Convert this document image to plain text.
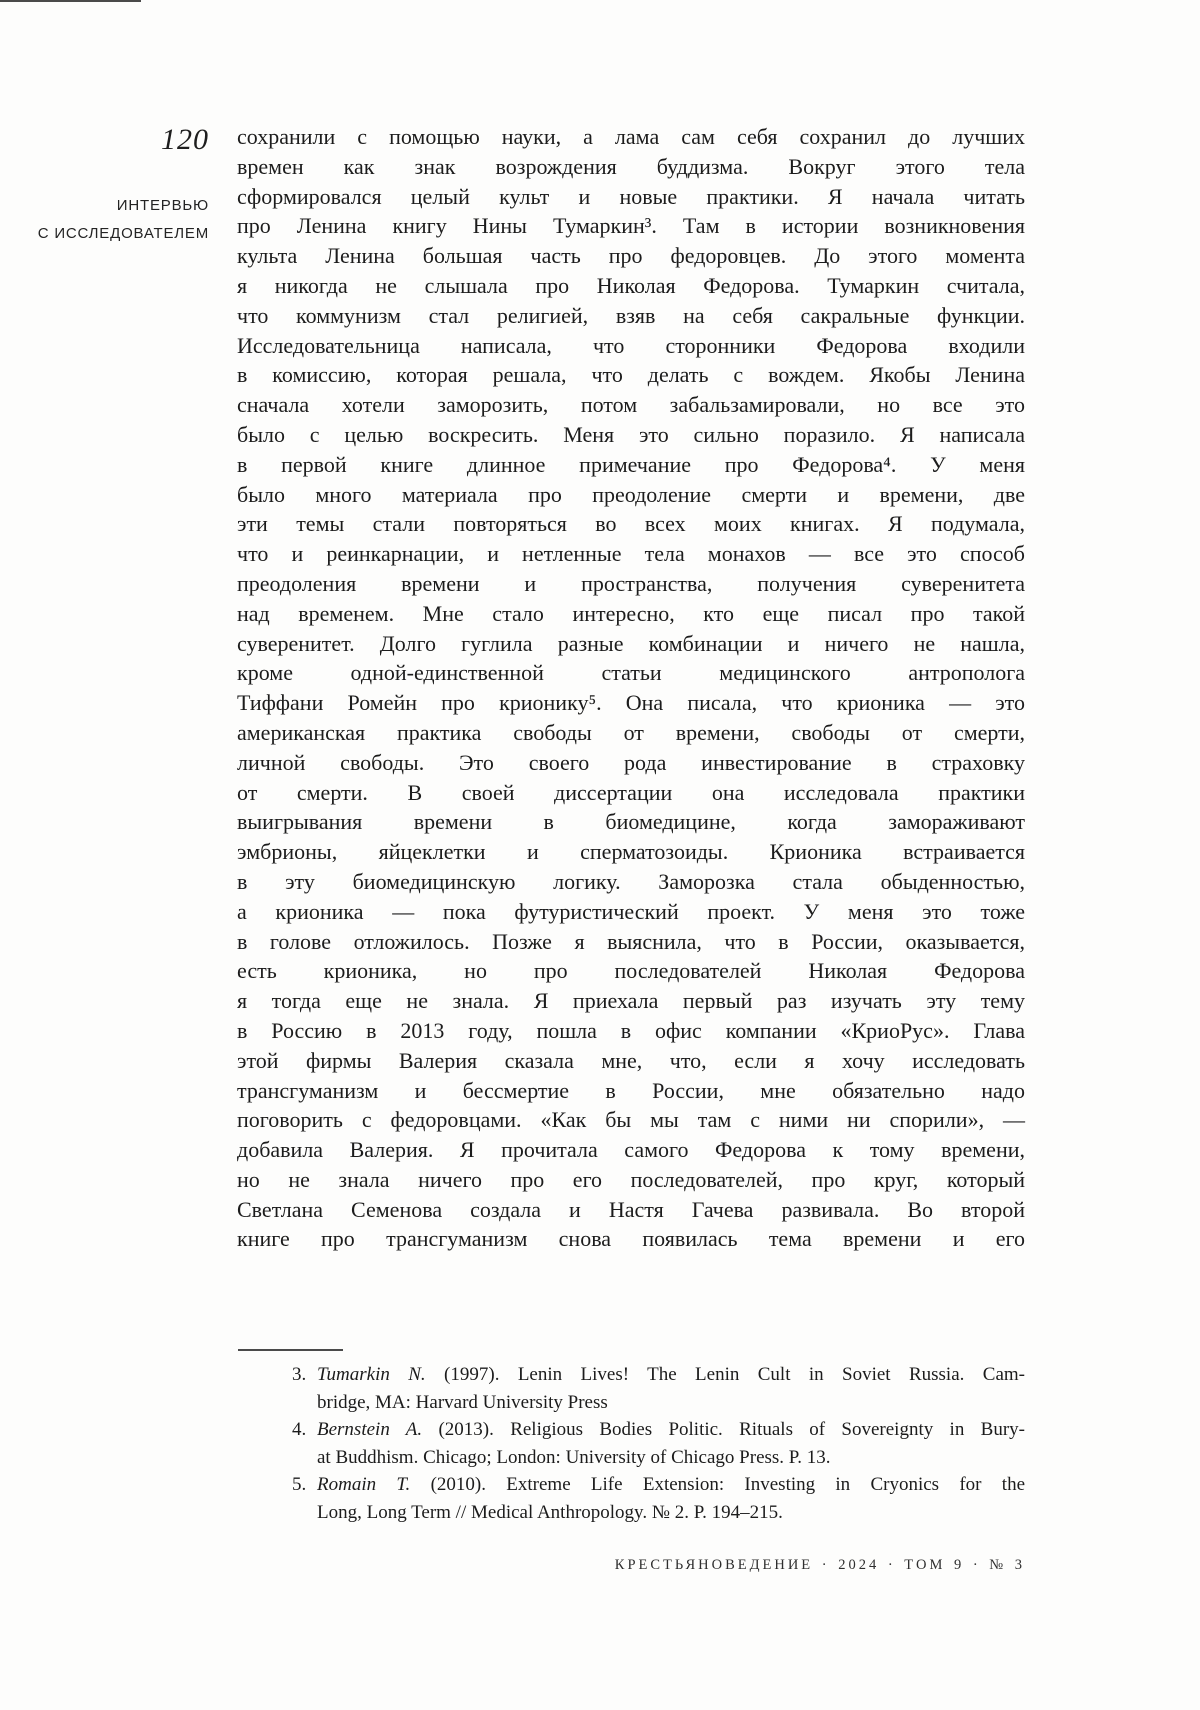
120
ИНТЕРВЬЮ
С ИССЛЕДОВАТЕЛЕМ
сохранили с помощью науки, а лама сам себя сохранил до лучших
времен как знак возрождения буддизма. Вокруг этого тела
сформировался целый культ и новые практики. Я начала читать
про Ленина книгу Нины Тумаркин³. Там в истории возникновения
культа Ленина большая часть про федоровцев. До этого момента
я никогда не слышала про Николая Федорова. Тумаркин считала,
что коммунизм стал религией, взяв на себя сакральные функции.
Исследовательница написала, что сторонники Федорова входили
в комиссию, которая решала, что делать с вождем. Якобы Ленина
сначала хотели заморозить, потом забальзамировали, но все это
было с целью воскресить. Меня это сильно поразило. Я написала
в первой книге длинное примечание про Федорова⁴. У меня
было много материала про преодоление смерти и времени, две
эти темы стали повторяться во всех моих книгах. Я подумала,
что и реинкарнации, и нетленные тела монахов — все это способ
преодоления времени и пространства, получения суверенитета
над временем. Мне стало интересно, кто еще писал про такой
суверенитет. Долго гуглила разные комбинации и ничего не нашла,
кроме одной-единственной статьи медицинского антрополога
Тиффани Ромейн про крионику⁵. Она писала, что крионика — это
американская практика свободы от времени, свободы от смерти,
личной свободы. Это своего рода инвестирование в страховку
от смерти. В своей диссертации она исследовала практики
выигрывания времени в биомедицине, когда замораживают
эмбрионы, яйцеклетки и сперматозоиды. Крионика встраивается
в эту биомедицинскую логику. Заморозка стала обыденностью,
а крионика — пока футуристический проект. У меня это тоже
в голове отложилось. Позже я выяснила, что в России, оказывается,
есть крионика, но про последователей Николая Федорова
я тогда еще не знала. Я приехала первый раз изучать эту тему
в Россию в 2013 году, пошла в офис компании «КриоРус». Глава
этой фирмы Валерия сказала мне, что, если я хочу исследовать
трансгуманизм и бессмертие в России, мне обязательно надо
поговорить с федоровцами. «Как бы мы там с ними ни спорили», —
добавила Валерия. Я прочитала самого Федорова к тому времени,
но не знала ничего про его последователей, про круг, который
Светлана Семенова создала и Настя Гачева развивала. Во второй
книге про трансгуманизм снова появилась тема времени и его
3. Tumarkin N. (1997). Lenin Lives! The Lenin Cult in Soviet Russia. Cam-
bridge, MA: Harvard University Press
4. Bernstein A. (2013). Religious Bodies Politic. Rituals of Sovereignty in Bury-
at Buddhism. Chicago; London: University of Chicago Press. P. 13.
5. Romain T. (2010). Extreme Life Extension: Investing in Cryonics for the
Long, Long Term // Medical Anthropology. № 2. P. 194–215.
КРЕСТЬЯНОВЕДЕНИЕ · 2024 · ТОМ 9 · № 3
